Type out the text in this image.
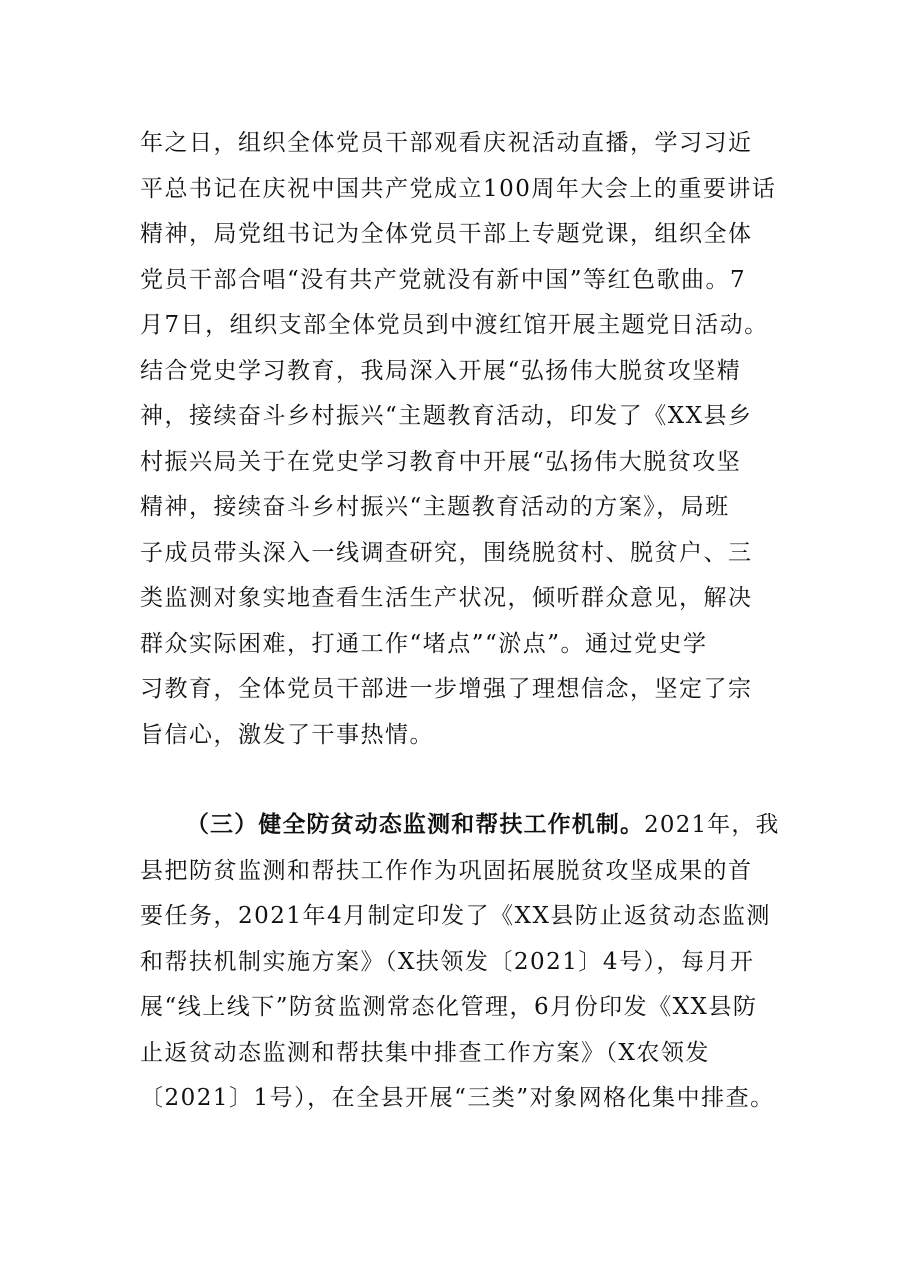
年之日，组织全体党员干部观看庆祝活动直播，学习习近
平总书记在庆祝中国共产党成立100周年大会上的重要讲话
精神，局党组书记为全体党员干部上专题党课，组织全体
党员干部合唱“没有共产党就没有新中国”等红色歌曲。7
月7日，组织支部全体党员到中渡红馆开展主题党日活动。
结合党史学习教育，我局深入开展“弘扬伟大脱贫攻坚精
神，接续奋斗乡村振兴“主题教育活动，印发了《XX县乡
村振兴局关于在党史学习教育中开展“弘扬伟大脱贫攻坚
精神，接续奋斗乡村振兴“主题教育活动的方案》，局班
子成员带头深入一线调查研究，围绕脱贫村、脱贫户、三
类监测对象实地查看生活生产状况，倾听群众意见，解决
群众实际困难，打通工作“堵点”“淤点”。通过党史学
习教育，全体党员干部进一步增强了理想信念，坚定了宗
旨信心，激发了干事热情。
（三）健全防贫动态监测和帮扶工作机制。2021年，我
县把防贫监测和帮扶工作作为巩固拓展脱贫攻坚成果的首
要任务，2021年4月制定印发了《XX县防止返贫动态监测
和帮扶机制实施方案》（X扶领发〔2021〕4号），每月开
展“线上线下”防贫监测常态化管理，6月份印发《XX县防
止返贫动态监测和帮扶集中排查工作方案》（X农领发
〔2021〕1号），在全县开展“三类”对象网格化集中排查。
